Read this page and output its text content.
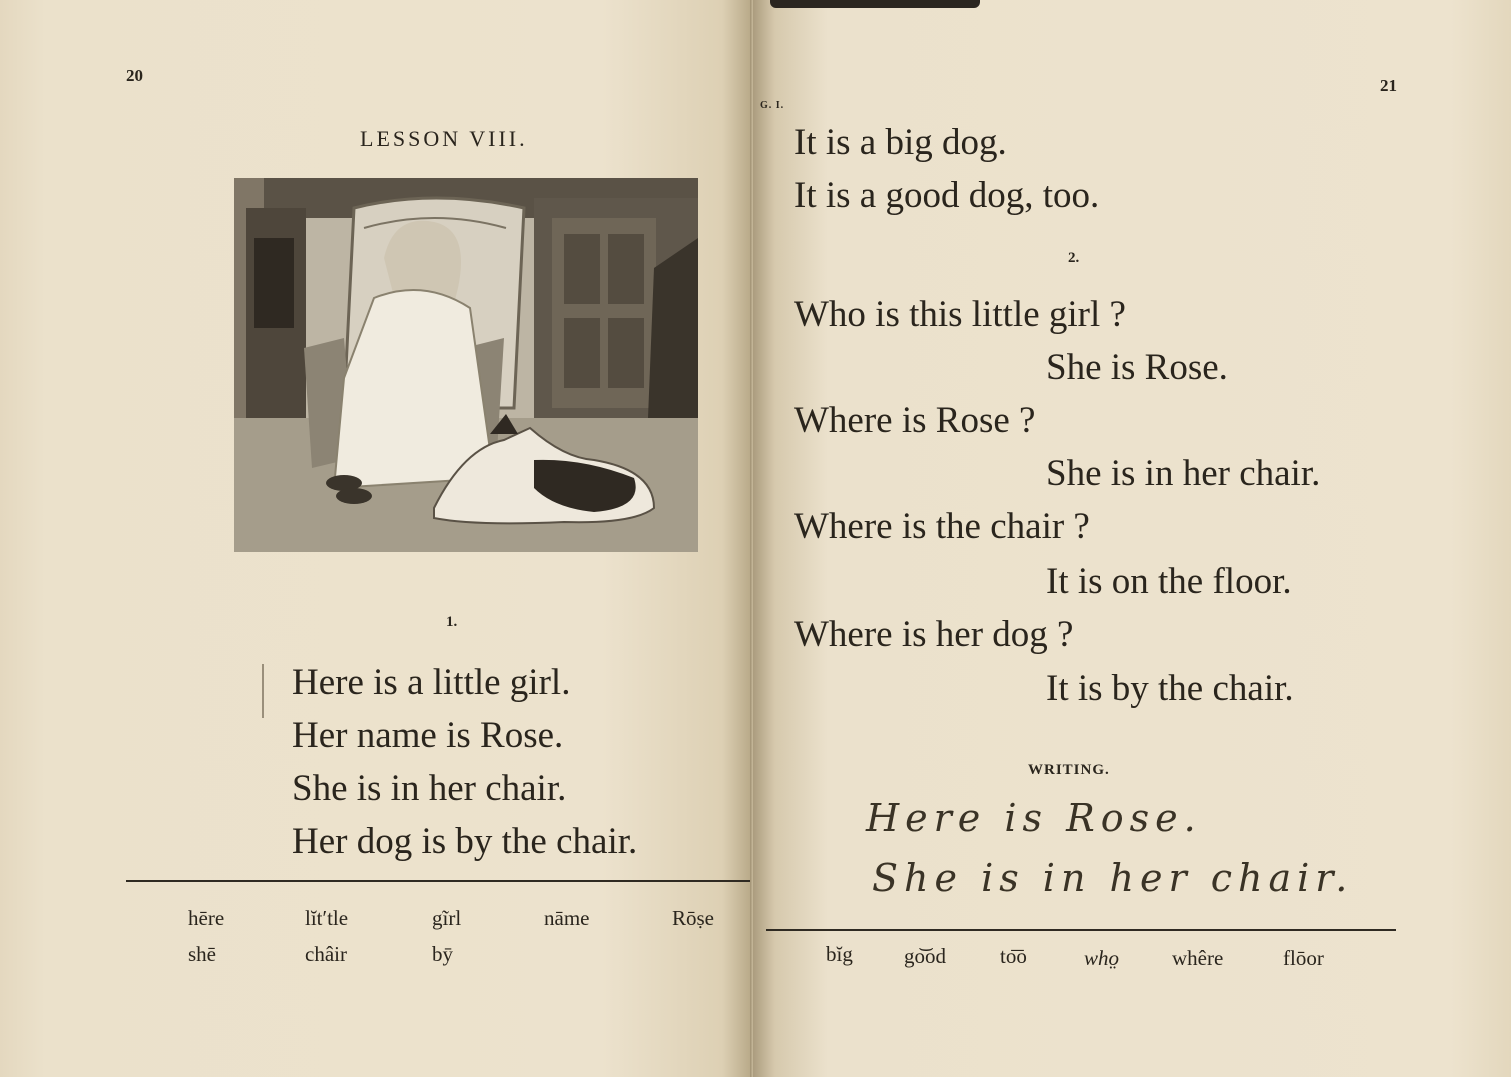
20
LESSON VIII.
1.
Here is a little girl.
Her name is Rose.
She is in her chair.
Her dog is by the chair.
hēre	lĭt′tle	gĩrl	nāme	Rōṣe
shē	châir	bȳ
21
G. I.
It is a big dog.
It is a good dog, too.
2.
Who is this little girl ?
She is Rose.
Where is Rose ?
She is in her chair.
Where is the chair ?
It is on the floor.
Where is her dog ?
It is by the chair.
WRITING.
Here is Rose.
She is in her chair.
bĭg go͝od	to͞o	who̤	whêre	flōor
